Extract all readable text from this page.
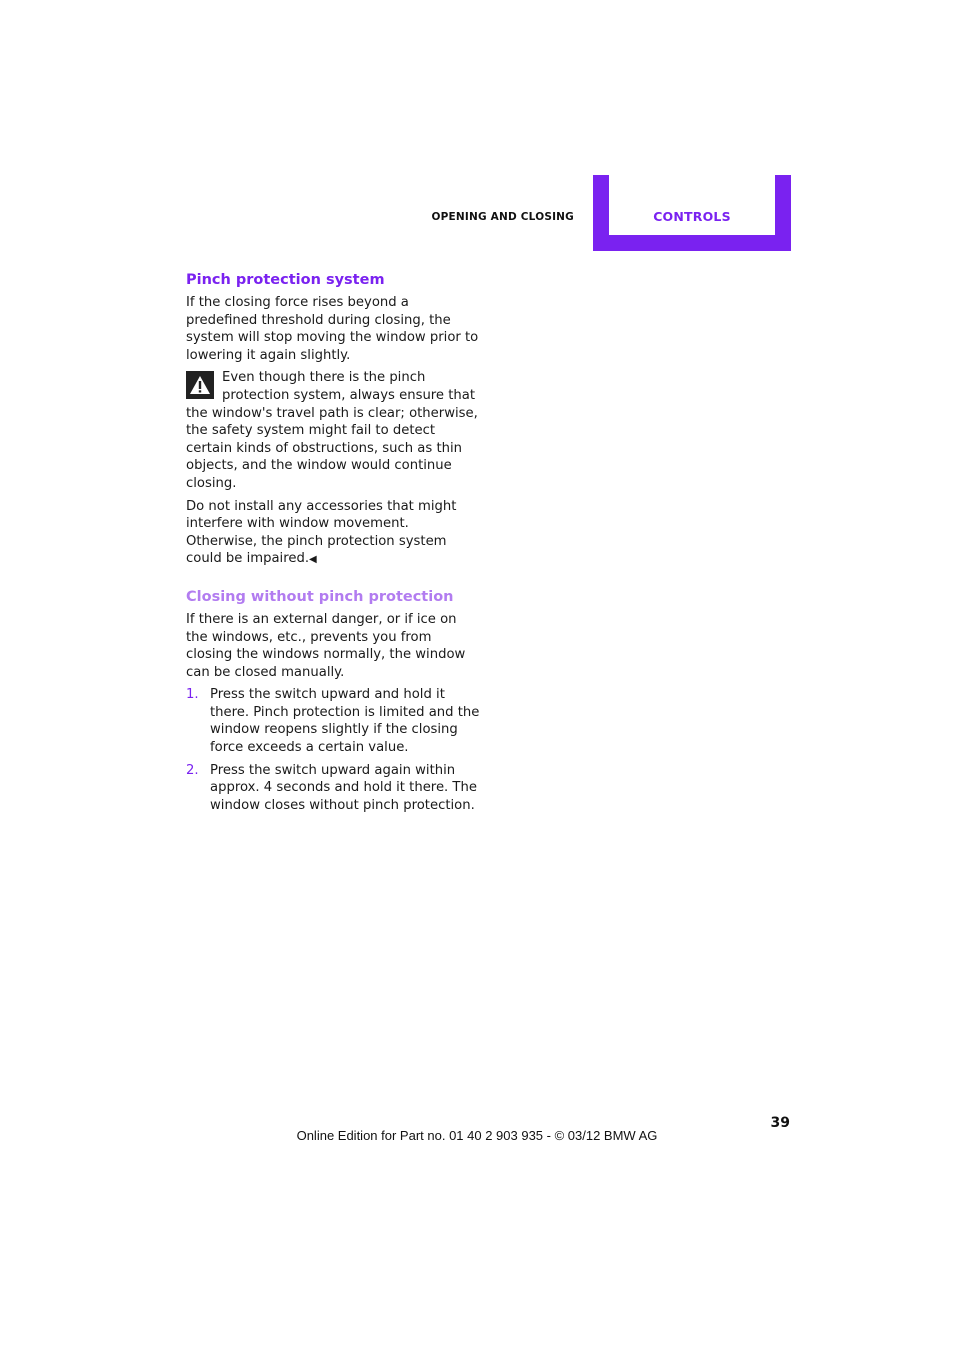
OPENING AND CLOSING	CONTROLS
Pinch protection system

If the closing force rises beyond a predefined threshold during closing, the system will stop moving the window prior to lowering it again slightly.

Even though there is the pinch protection system, always ensure that the window's travel path is clear; otherwise, the safety system might fail to detect certain kinds of obstructions, such as thin objects, and the window would continue closing.

Do not install any accessories that might interfere with window movement. Otherwise, the pinch protection system could be impaired.◀

Closing without pinch protection

If there is an external danger, or if ice on the windows, etc., prevents you from closing the windows normally, the window can be closed manually.

1. Press the switch upward and hold it there. Pinch protection is limited and the window reopens slightly if the closing force exceeds a certain value.
2. Press the switch upward again within approx. 4 seconds and hold it there. The window closes without pinch protection.
39
Online Edition for Part no. 01 40 2 903 935 - © 03/12 BMW AG
